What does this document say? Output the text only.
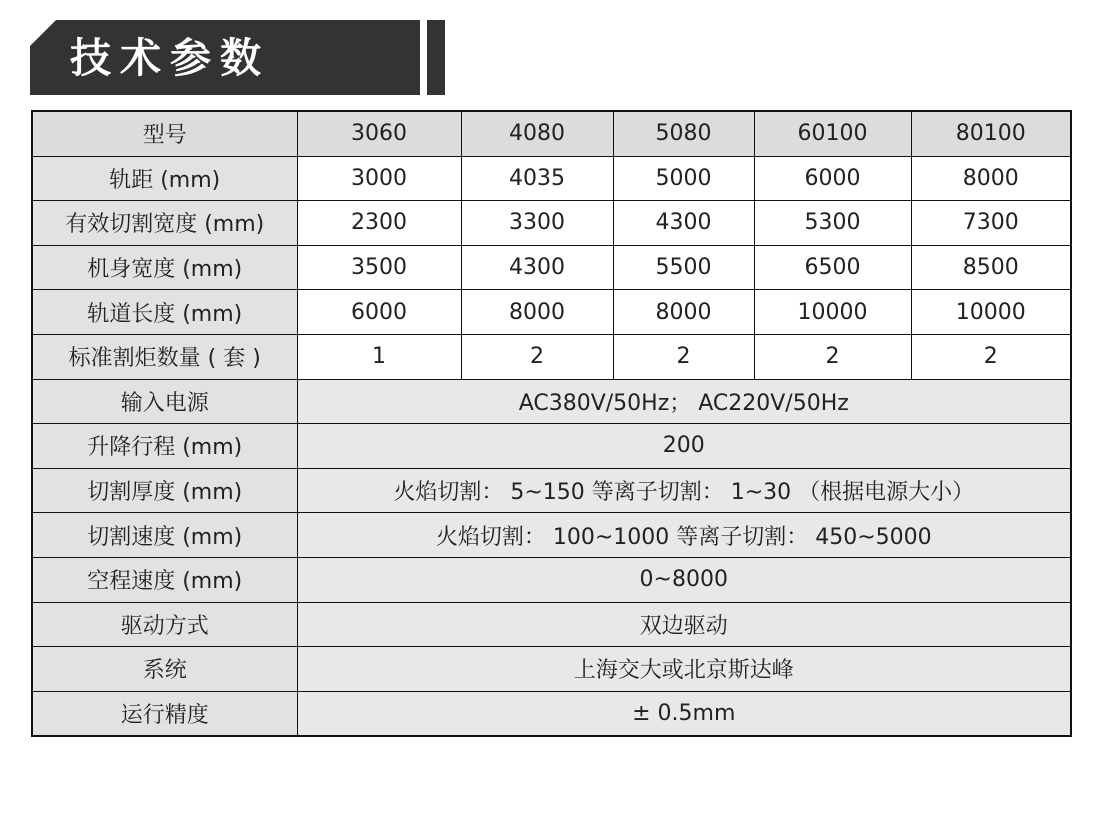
技术参数
型号	3060	4080	5080	60100	80100
轨距 (mm)	3000	4035	5000	6000	8000
有效切割宽度 (mm)	2300	3300	4300	5300	7300
机身宽度 (mm)	3500	4300	5500	6500	8500
轨道长度 (mm)	6000	8000	8000	10000	10000
标准割炬数量 ( 套 )	1	2	2	2	2
输入电源	AC380V/50Hz； AC220V/50Hz				
升降行程 (mm)	200				
切割厚度 (mm)	火焰切割： 5~150 等离子切割： 1~30 （根据电源大小）				
切割速度 (mm)	火焰切割： 100~1000 等离子切割： 450~5000				
空程速度 (mm)	0~8000				
驱动方式	双边驱动				
系统	上海交大或北京斯达峰				
运行精度	± 0.5mm				
